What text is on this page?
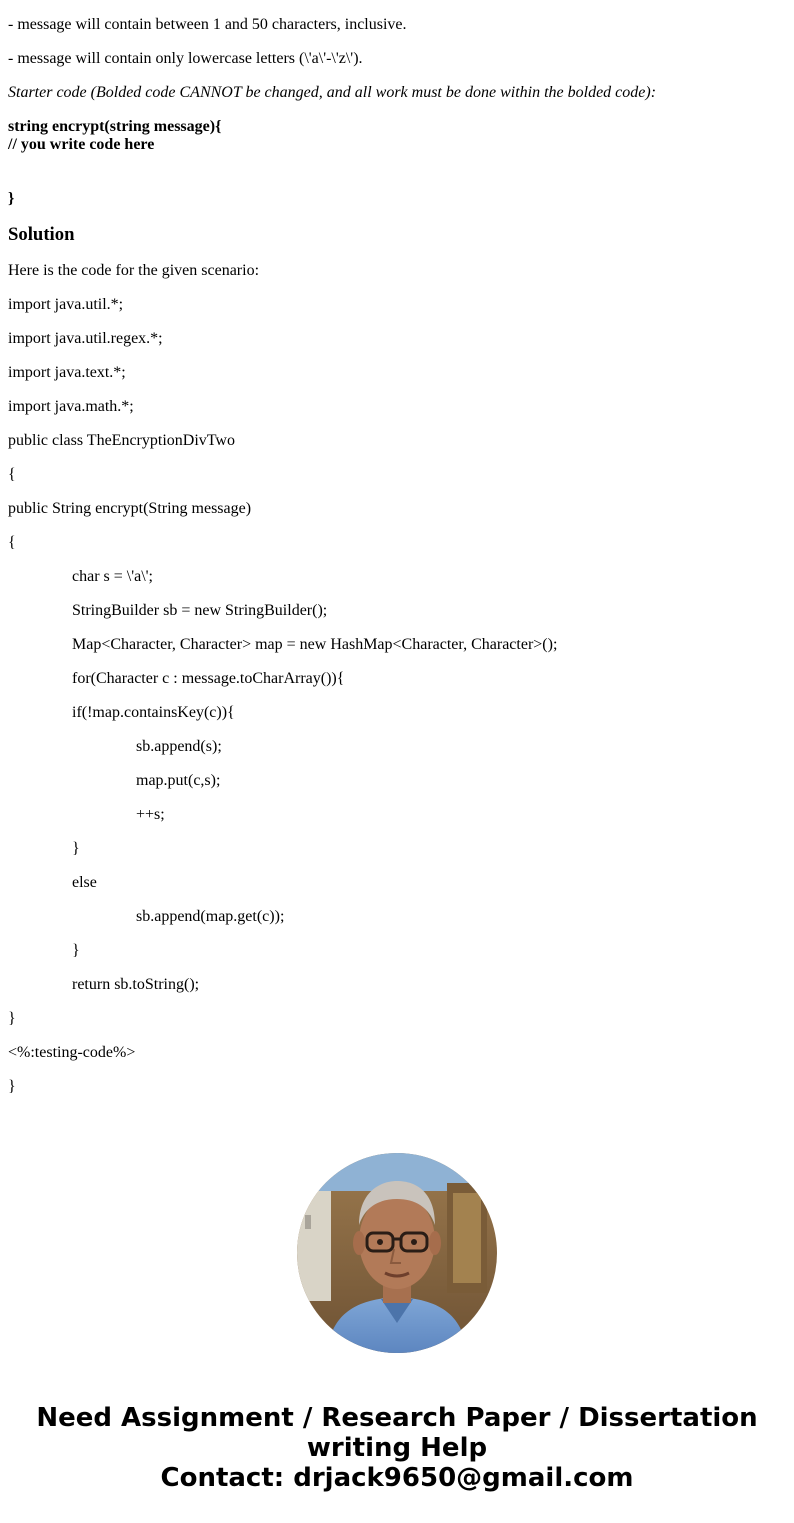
- message will contain between 1 and 50 characters, inclusive.

- message will contain only lowercase letters (\'a\'-\'z\').

Starter code (Bolded code CANNOT be changed, and all work must be done within the bolded code):

string encrypt(string message){
// you write code here
}
Solution

Here is the code for the given scenario:

import java.util.*;

import java.util.regex.*;

import java.text.*;

import java.math.*;

public class TheEncryptionDivTwo

{

public String encrypt(String message)

{

char s = \'a\';

StringBuilder sb = new StringBuilder();

Map<Character, Character> map = new HashMap<Character, Character>();

for(Character c : message.toCharArray()){

if(!map.containsKey(c)){

sb.append(s);

map.put(c,s);

++s;

}

else

sb.append(map.get(c));

}

return sb.toString();

}

<%:testing-code%>

}

Need Assignment / Research Paper / Dissertation
writing Help
Contact: drjack9650@gmail.com
